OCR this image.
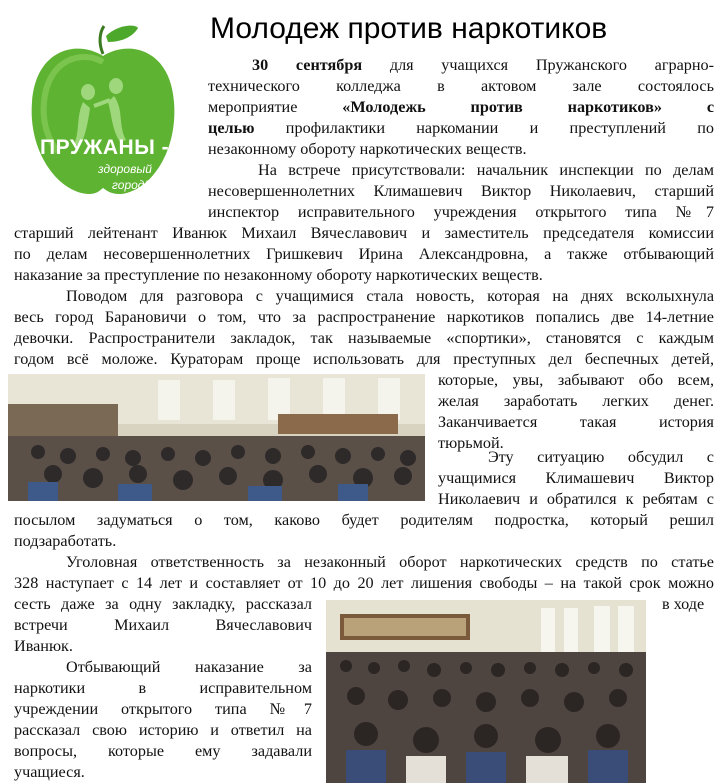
Молодеж против наркотиков
ПРУЖАНЫ -
здоровый
город!
30 сентября для учащихся Пружанского аграрно-
технического колледжа в актовом зале состоялось
мероприятие «Молодежь против наркотиков» с
целью профилактики наркомании и преступлений по
незаконному обороту наркотических веществ.
На встрече присутствовали: начальник инспекции по делам
несовершеннолетних Климашевич Виктор Николаевич, старший
инспектор исправительного учреждения открытого типа №7
старший лейтенант Иванюк Михаил Вячеславович и заместитель председателя комиссии
по делам несовершеннолетних Гришкевич Ирина Александровна, а также отбывающий
наказание за преступление по незаконному обороту наркотических веществ.
Поводом для разговора с учащимися стала новость, которая на днях всколыхнула
весь город Барановичи о том, что за распространение наркотиков попались две 14-летние
девочки. Распространители закладок, так называемые «спортики», становятся с каждым
годом всё моложе. Кураторам проще использовать для преступных дел беспечных детей,
которые, увы, забывают обо всем,
желая заработать легких денег.
Заканчивается такая история
тюрьмой.
Эту ситуацию обсудил с
учащимися Климашевич Виктор
Николаевич и обратился к ребятам с
посылом задуматься о том, каково будет родителям подростка, который решил
подзаработать.
Уголовная ответственность за незаконный оборот наркотических средств по статье
328 наступает с 14 лет и составляет от 10 до 20 лет лишения свободы – на такой срок можно
сесть даже за одну закладку, рассказал	в ходе
встречи Михаил Вячеславович
Иванюк.
Отбывающий наказание за
наркотики в исправительном
учреждении открытого типа №7
рассказал свою историю и ответил на
вопросы, которые ему задавали
учащиеся.
